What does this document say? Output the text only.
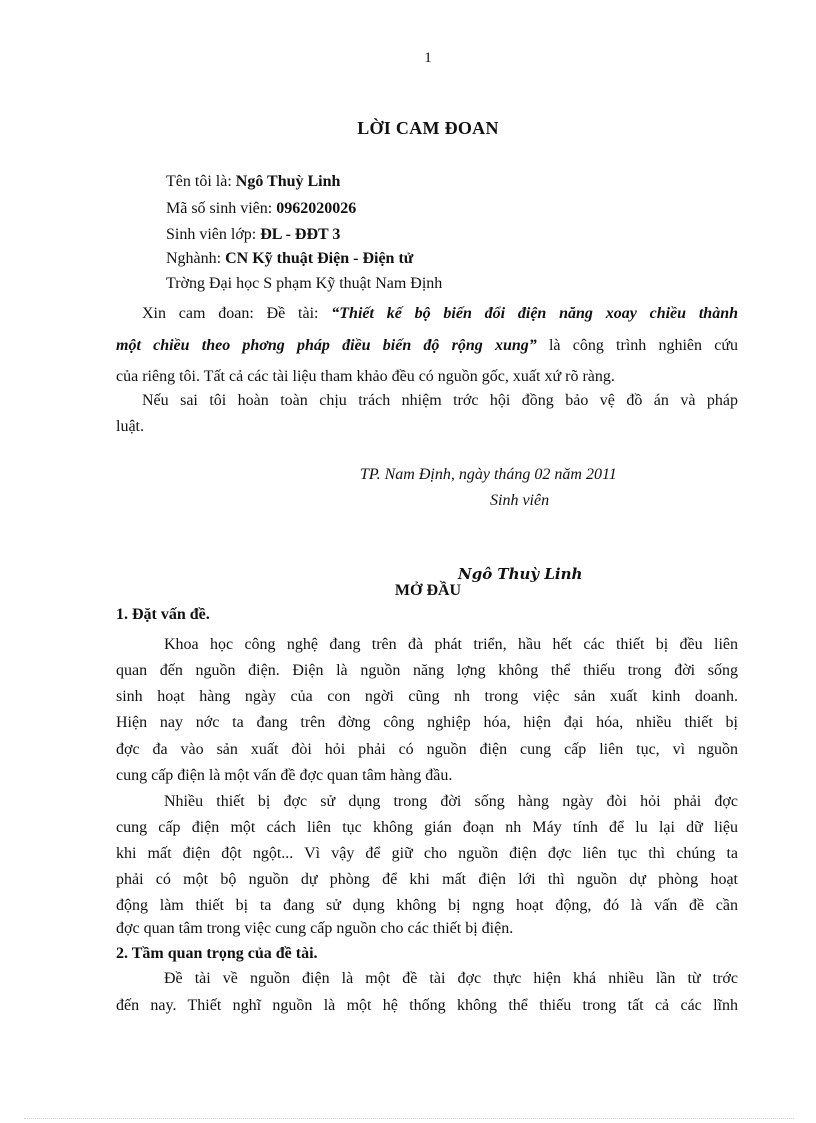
1
LỜI CAM ĐOAN
Tên tôi là: Ngô Thuỳ Linh
Mã số sinh viên: 0962020026
Sinh viên lớp: ĐL - ĐĐT 3
Nghành: CN Kỹ thuật Điện - Điện tử
Trờng Đại học S phạm Kỹ thuật Nam Định
Xin cam đoan: Đề tài: “Thiết kế bộ biến đổi điện năng xoay chiều thành
một chiều theo phơng pháp điều biến độ rộng xung” là công trình nghiên cứu
của riêng tôi. Tất cả các tài liệu tham khảo đều có nguồn gốc, xuất xứ rõ ràng.
Nếu sai tôi hoàn toàn chịu trách nhiệm trớc hội đồng bảo vệ đồ án và pháp
luật.
TP. Nam Định, ngày tháng 02 năm 2011
Sinh viên
Ngô Thuỳ Linh
MỞ ĐẦU
1. Đặt vấn đề.
Khoa học công nghệ đang trên đà phát triển, hầu hết các thiết bị đều liên
quan đến nguồn điện. Điện là nguồn năng lợng không thể thiếu trong đời sống
sinh hoạt hàng ngày của con ngời cũng nh trong việc sản xuất kinh doanh.
Hiện nay nớc ta đang trên đờng công nghiệp hóa, hiện đại hóa, nhiều thiết bị
đợc đa vào sản xuất đòi hỏi phải có nguồn điện cung cấp liên tục, vì nguồn
cung cấp điện là một vấn đề đợc quan tâm hàng đầu.
Nhiều thiết bị đợc sử dụng trong đời sống hàng ngày đòi hỏi phải đợc
cung cấp điện một cách liên tục không gián đoạn nh Máy tính để lu lại dữ liệu
khi mất điện đột ngột... Vì vậy để giữ cho nguồn điện đợc liên tục thì chúng ta
phải có một bộ nguồn dự phòng để khi mất điện lới thì nguồn dự phòng hoạt
động làm thiết bị ta đang sử dụng không bị ngng hoạt động, đó là vấn đề cần
đợc quan tâm trong việc cung cấp nguồn cho các thiết bị điện.
2. Tầm quan trọng của đề tài.
Đề tài về nguồn điện là một đề tài đợc thực hiện khá nhiều lần từ trớc
đến nay. Thiết nghĩ nguồn là một hệ thống không thể thiếu trong tất cả các lĩnh
